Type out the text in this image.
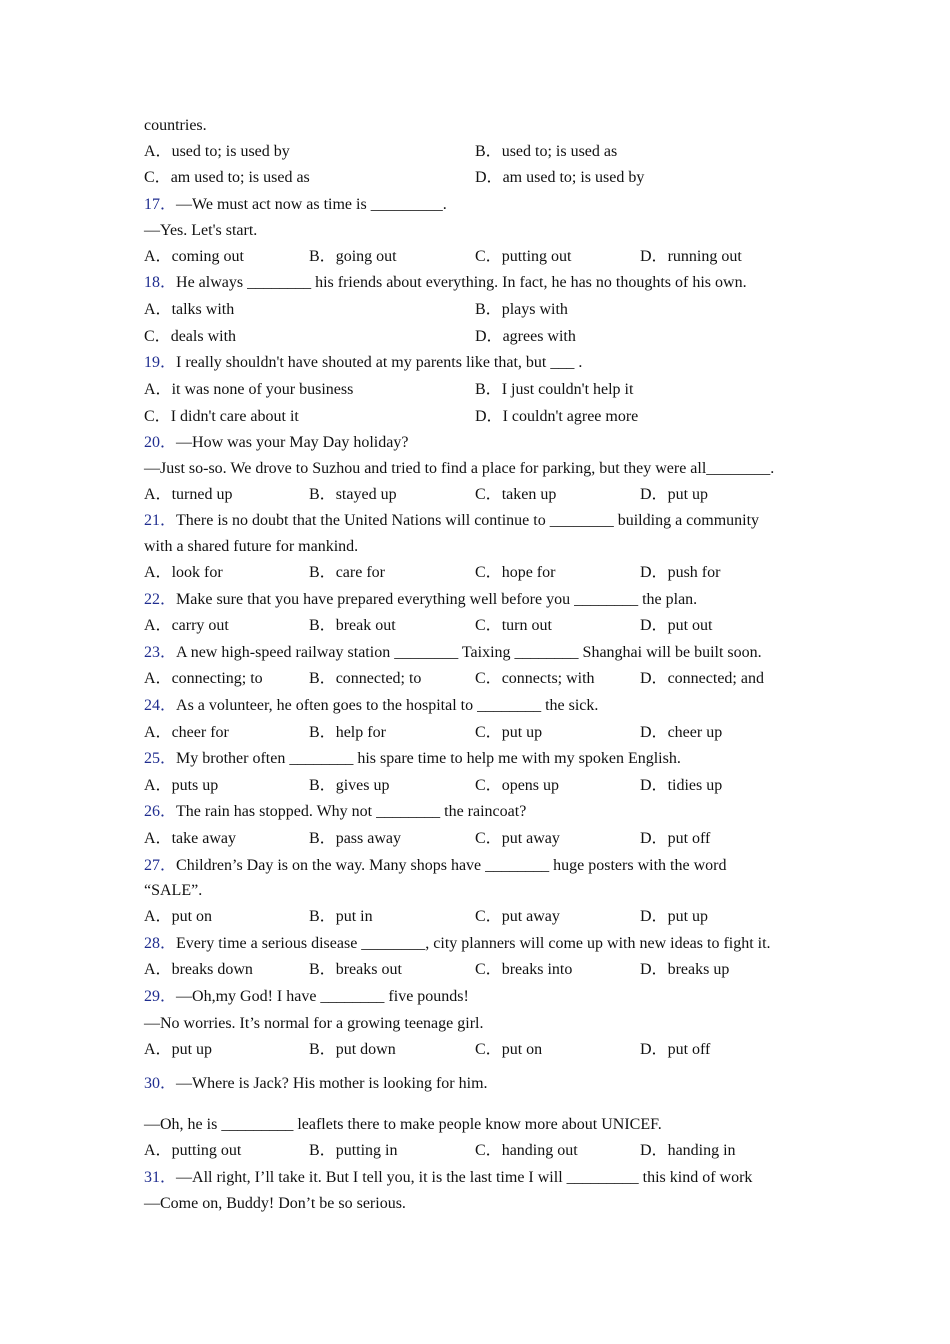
countries.
A．used to; is used by	B．used to; is used as
C．am used to; is used as	D．am used to; is used by
17．—We must act now as time is _________.
—Yes. Let's start.
A．coming out	B．going out	C．putting out	D．running out
18．He always ________ his friends about everything. In fact, he has no thoughts of his own.
A．talks with	B．plays with
C．deals with	D．agrees with
19．I really shouldn't have shouted at my parents like that, but ___ .
A．it was none of your business	B．I just couldn't help it
C．I didn't care about it	D．I couldn't agree more
20．—How was your May Day holiday?
—Just so-so. We drove to Suzhou and tried to find a place for parking, but they were all________.
A．turned up	B．stayed up	C．taken up	D．put up
21．There is no doubt that the United Nations will continue to ________ building a community
with a shared future for mankind.
A．look for	B．care for	C．hope for	D．push for
22．Make sure that you have prepared everything well before you ________ the plan.
A．carry out	B．break out	C．turn out	D．put out
23．A new high-speed railway station ________ Taixing ________ Shanghai will be built soon.
A．connecting; to	B．connected; to	C．connects; with	D．connected; and
24．As a volunteer, he often goes to the hospital to ________ the sick.
A．cheer for	B．help for	C．put up	D．cheer up
25．My brother often ________ his spare time to help me with my spoken English.
A．puts up	B．gives up	C．opens up	D．tidies up
26．The rain has stopped. Why not ________ the raincoat?
A．take away	B．pass away	C．put away	D．put off
27．Children’s Day is on the way. Many shops have ________ huge posters with the word
“SALE”.
A．put on	B．put in	C．put away	D．put up
28．Every time a serious disease ________, city planners will come up with new ideas to fight it.
A．breaks down	B．breaks out	C．breaks into	D．breaks up
29．—Oh,my God! I have ________ five pounds!
—No worries. It’s normal for a growing teenage girl.
A．put up	B．put down	C．put on	D．put off
30．—Where is Jack? His mother is looking for him.
—Oh, he is _________ leaflets there to make people know more about UNICEF.
A．putting out	B．putting in	C．handing out	D．handing in
31．—All right, I’ll take it. But I tell you, it is the last time I will _________ this kind of work
—Come on, Buddy! Don’t be so serious.
